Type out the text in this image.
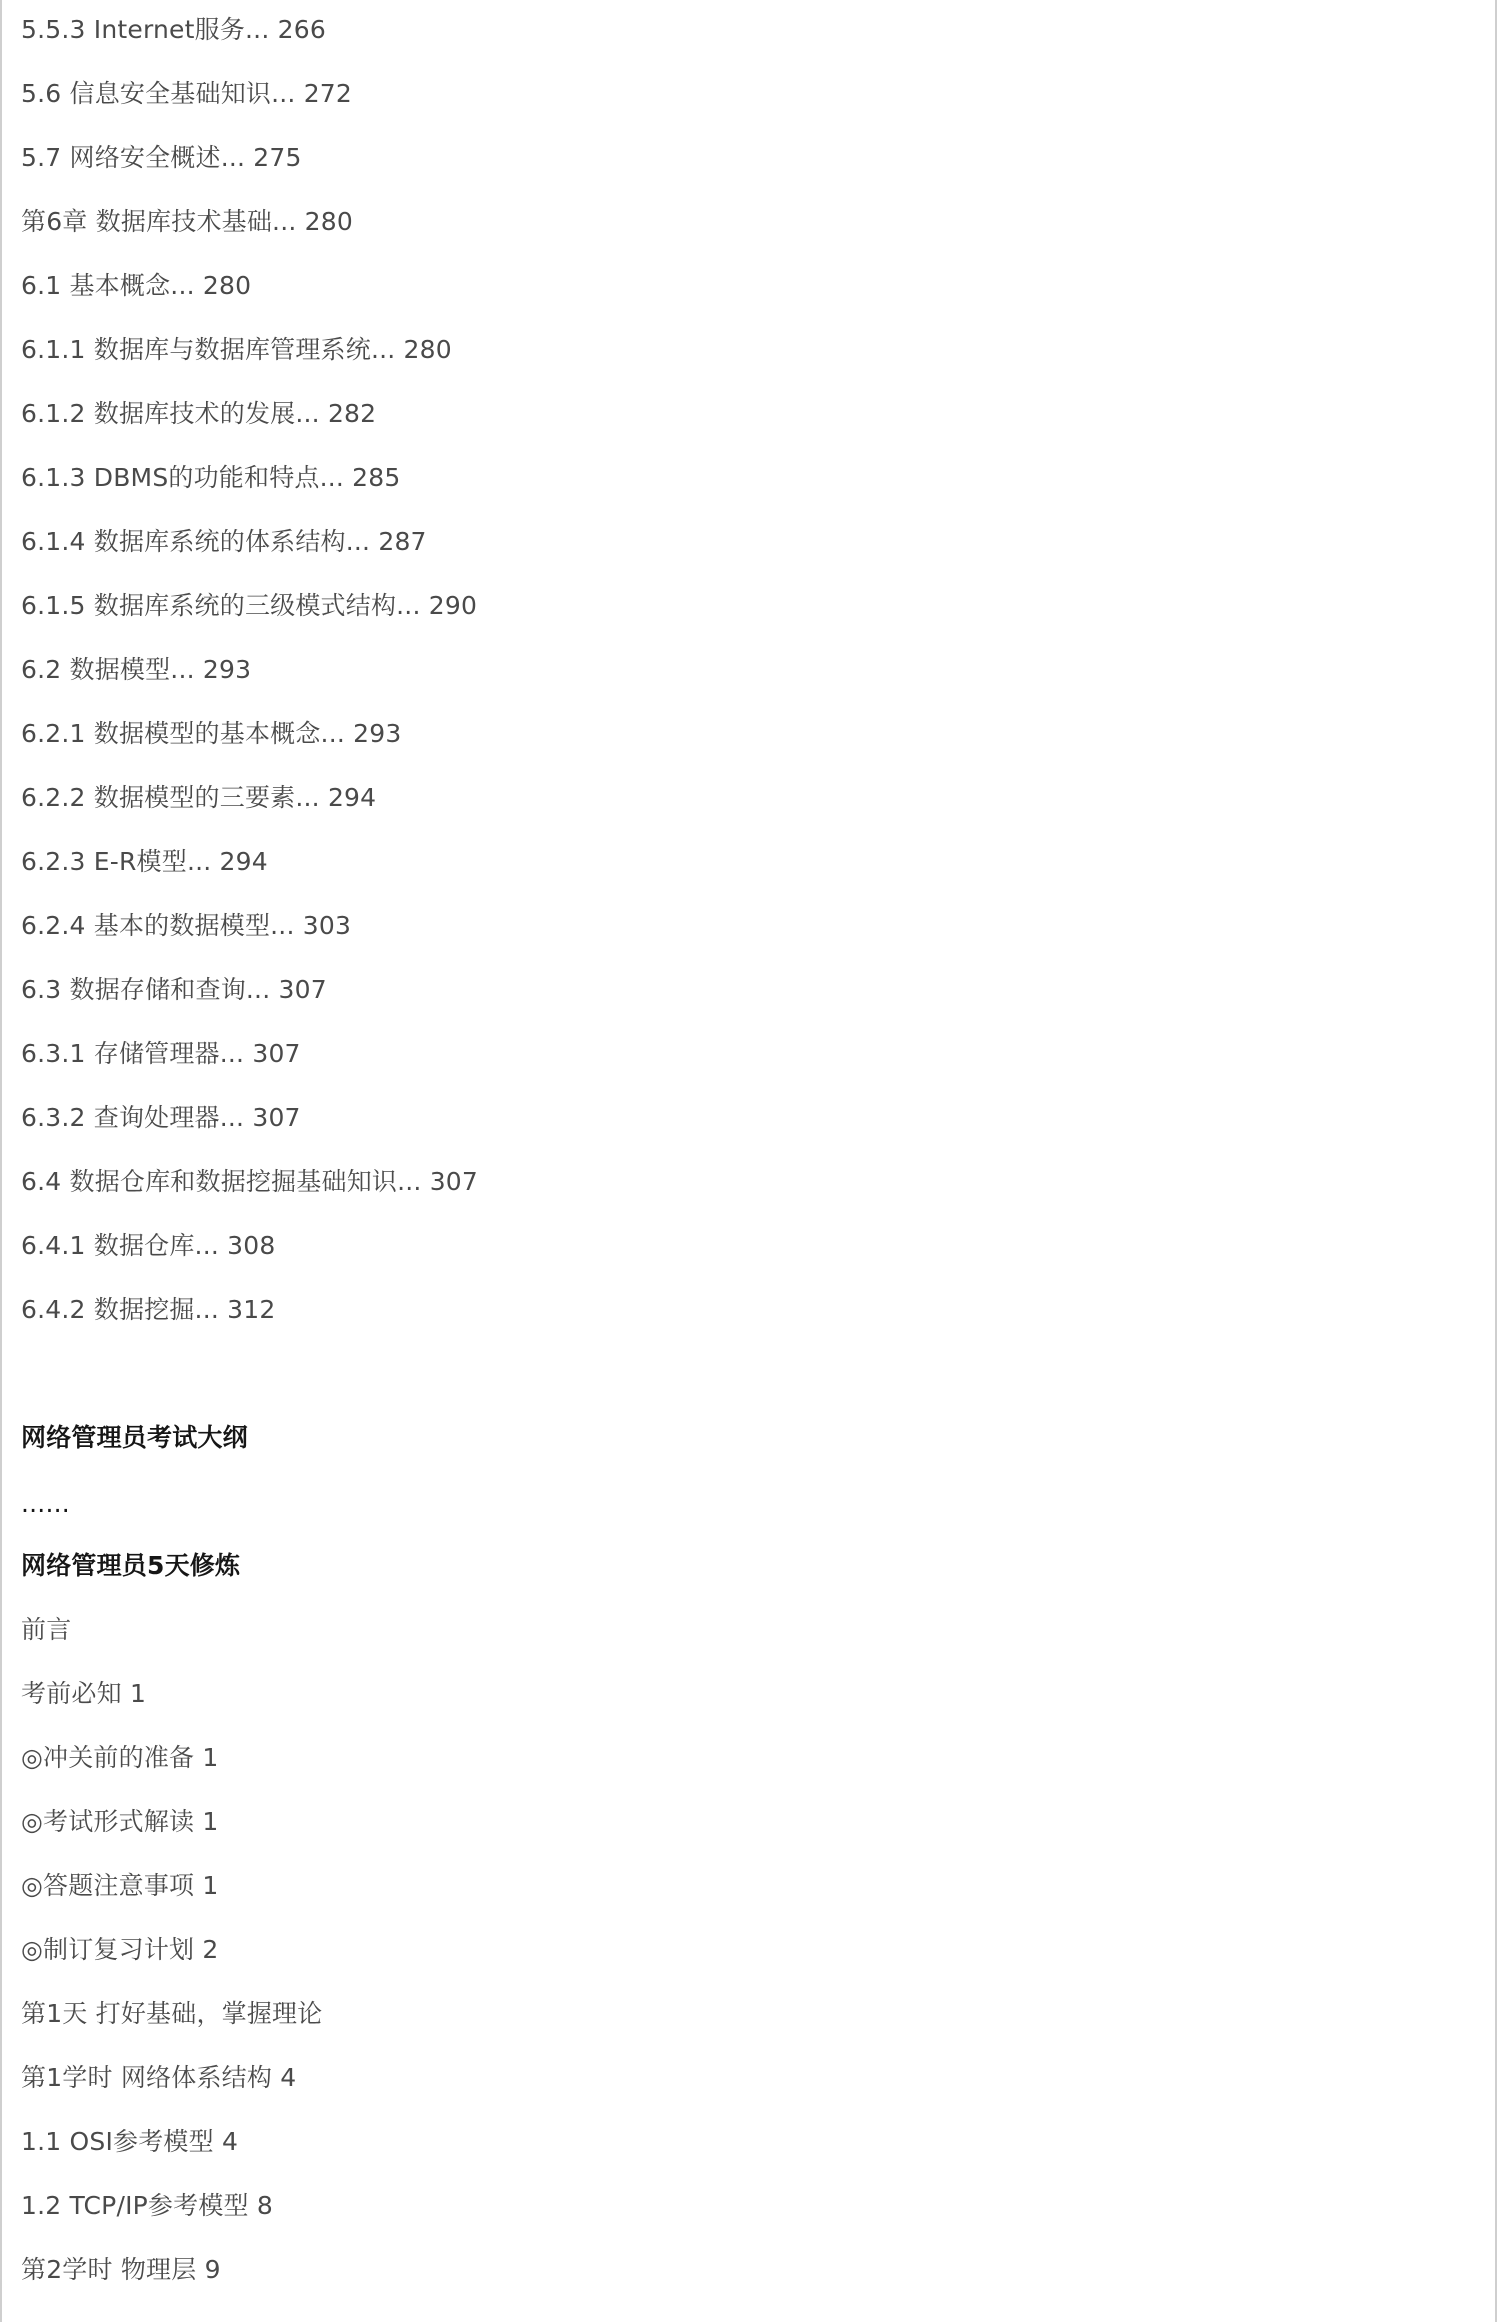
5.5.3 Internet服务... 266

5.6 信息安全基础知识... 272

5.7 网络安全概述... 275

第6章 数据库技术基础... 280

6.1 基本概念... 280

6.1.1 数据库与数据库管理系统... 280

6.1.2 数据库技术的发展... 282

6.1.3 DBMS的功能和特点... 285

6.1.4 数据库系统的体系结构... 287

6.1.5 数据库系统的三级模式结构... 290

6.2 数据模型... 293

6.2.1 数据模型的基本概念... 293

6.2.2 数据模型的三要素... 294

6.2.3 E-R模型... 294

6.2.4 基本的数据模型... 303

6.3 数据存储和查询... 307

6.3.1 存储管理器... 307

6.3.2 查询处理器... 307

6.4 数据仓库和数据挖掘基础知识... 307

6.4.1 数据仓库... 308

6.4.2 数据挖掘... 312

网络管理员考试大纲

......

网络管理员5天修炼

前言

考前必知 1

◎冲关前的准备 1

◎考试形式解读 1

◎答题注意事项 1

◎制订复习计划 2

第1天 打好基础，掌握理论

第1学时 网络体系结构 4

1.1 OSI参考模型 4

1.2 TCP/IP参考模型 8

第2学时 物理层 9
